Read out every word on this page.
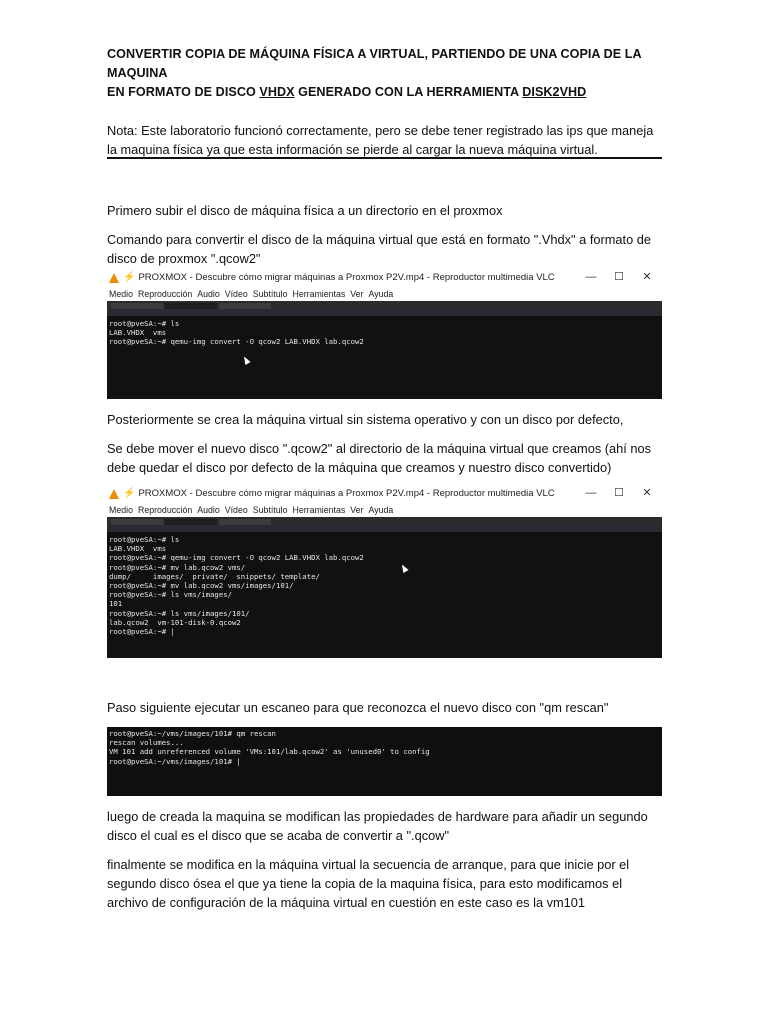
CONVERTIR COPIA DE MÁQUINA FÍSICA A VIRTUAL, PARTIENDO DE UNA COPIA DE LA MAQUINA
EN FORMATO DE DISCO VHDX GENERADO CON LA HERRAMIENTA DISK2VHD
Nota: Este laboratorio funcionó correctamente, pero se debe tener registrado las ips que maneja la maquina física ya que esta información se pierde al cargar la nueva máquina virtual.
Primero subir el disco de máquina física a un directorio en el proxmox
Comando para convertir el disco de la máquina virtual que está en formato ".Vhdx" a formato de disco de proxmox ".qcow2"
⚡ PROXMOX - Descubre cómo migrar máquinas a Proxmox P2V.mp4 - Reproductor multimedia VLC	—	☐	✕
Medio Reproducción Audio Vídeo Subtítulo Herramientas Ver Ayuda
root@pveSA:~# ls
LAB.VHDX  vms
root@pveSA:~# qemu-img convert -O qcow2 LAB.VHDX lab.qcow2

Posteriormente se crea la máquina virtual sin sistema operativo y con un disco por defecto,
Se debe mover el nuevo disco ".qcow2" al directorio de la máquina virtual que creamos (ahí nos debe quedar el disco por defecto de la máquina que creamos y nuestro disco convertido)
⚡ PROXMOX - Descubre cómo migrar máquinas a Proxmox P2V.mp4 - Reproductor multimedia VLC	—	☐	✕
Medio Reproducción Audio Vídeo Subtítulo Herramientas Ver Ayuda
root@pveSA:~# ls
LAB.VHDX  vms
root@pveSA:~# qemu-img convert -O qcow2 LAB.VHDX lab.qcow2
root@pveSA:~# mv lab.qcow2 vms/
dump/     images/  private/  snippets/ template/
root@pveSA:~# mv lab.qcow2 vms/images/101/
root@pveSA:~# ls vms/images/
101
root@pveSA:~# ls vms/images/101/
lab.qcow2  vm-101-disk-0.qcow2
root@pveSA:~# |
Paso siguiente ejecutar un escaneo para que reconozca el nuevo disco con "qm rescan"
root@pveSA:~/vms/images/101# qm rescan
rescan volumes...
VM 101 add unreferenced volume 'VMs:101/lab.qcow2' as 'unused0' to config
root@pveSA:~/vms/images/101# |
luego de creada la maquina se modifican las propiedades de hardware para añadir un segundo disco el cual es el disco que se acaba de convertir a ".qcow"
finalmente se modifica en la máquina virtual la secuencia de arranque, para que inicie por el segundo disco ósea el que ya tiene la copia de la maquina física, para esto modificamos el archivo de configuración de la máquina virtual en cuestión en este caso es la vm101
